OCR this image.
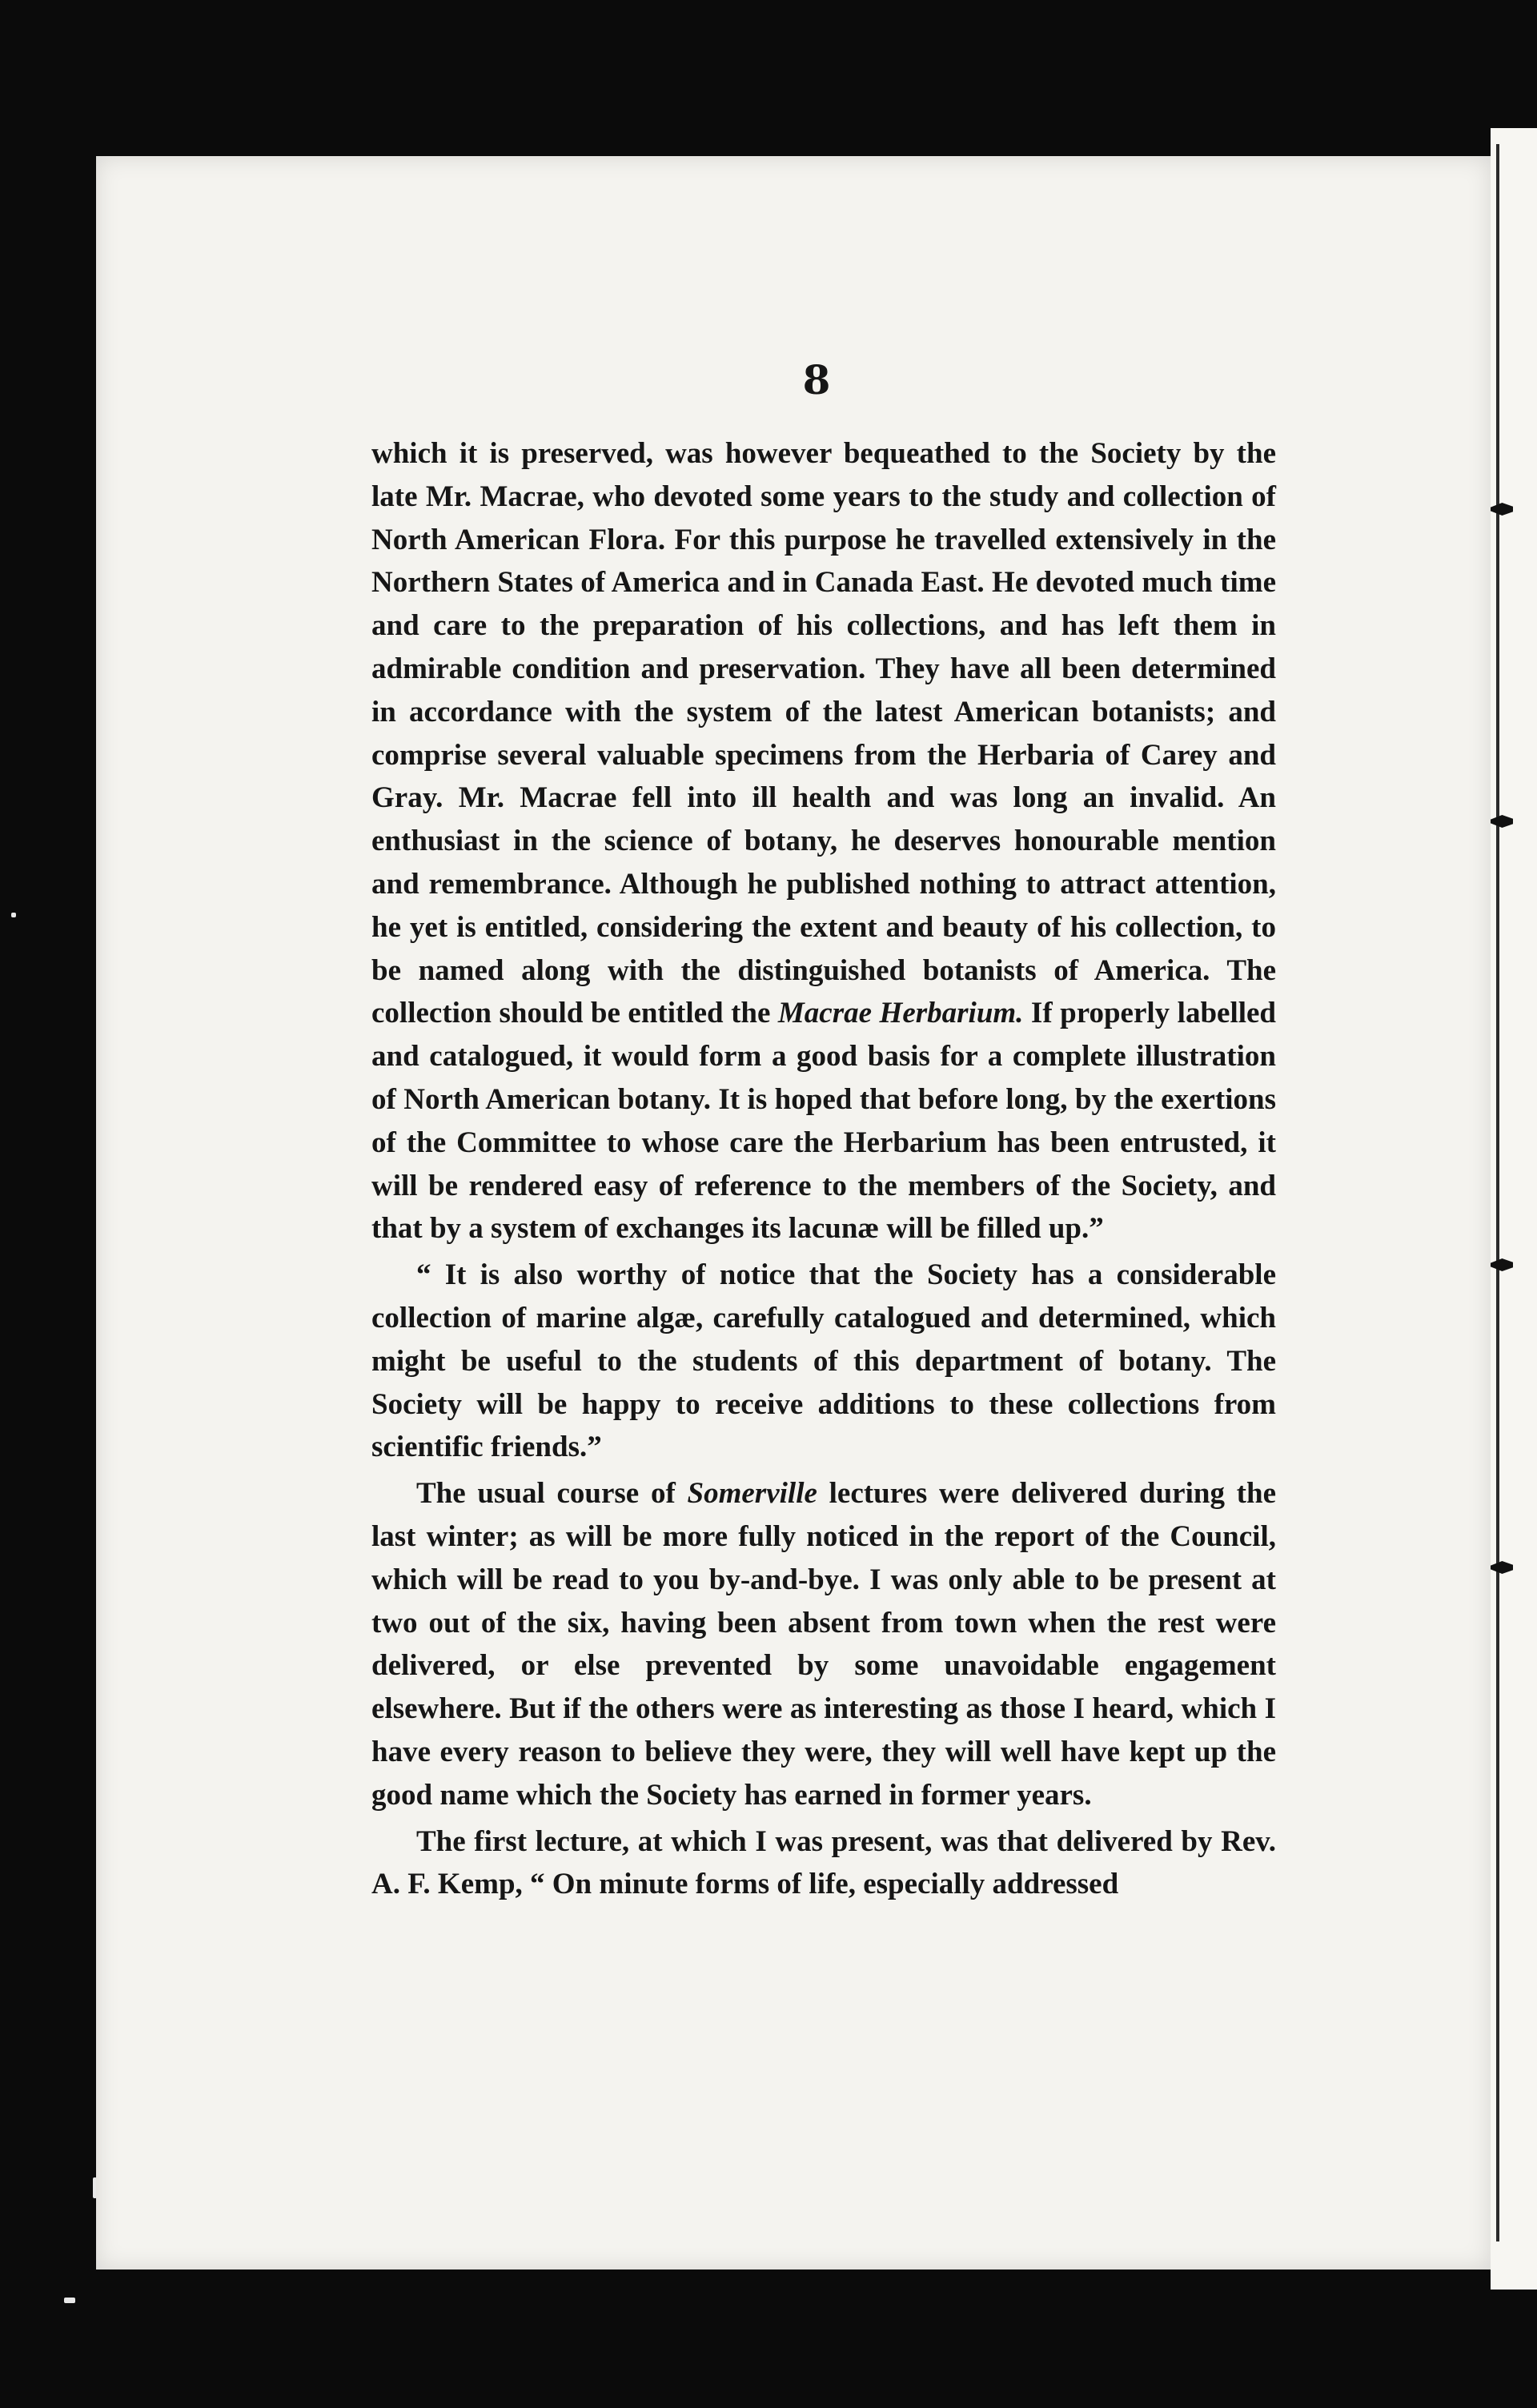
8

which it is preserved, was however bequeathed to the Society by the late Mr. Macrae, who devoted some years to the study and collection of North American Flora. For this purpose he travelled extensively in the Northern States of America and in Canada East. He devoted much time and care to the preparation of his collections, and has left them in admirable condition and preservation. They have all been determined in accordance with the system of the latest American botanists; and comprise several valuable specimens from the Herbaria of Carey and Gray. Mr. Macrae fell into ill health and was long an invalid. An enthusiast in the science of botany, he deserves honourable mention and remembrance. Although he published nothing to attract attention, he yet is entitled, considering the extent and beauty of his collection, to be named along with the distinguished botanists of America. The collection should be entitled the Macrae Herbarium. If properly labelled and catalogued, it would form a good basis for a complete illustration of North American botany. It is hoped that before long, by the exertions of the Committee to whose care the Herbarium has been entrusted, it will be rendered easy of reference to the members of the Society, and that by a system of exchanges its lacunæ will be filled up.”

“ It is also worthy of notice that the Society has a considerable collection of marine algæ, carefully catalogued and determined, which might be useful to the students of this department of botany. The Society will be happy to receive additions to these collections from scientific friends.”

The usual course of Somerville lectures were delivered during the last winter; as will be more fully noticed in the report of the Council, which will be read to you by-and-bye. I was only able to be present at two out of the six, having been absent from town when the rest were delivered, or else prevented by some unavoidable engagement elsewhere. But if the others were as interesting as those I heard, which I have every reason to believe they were, they will well have kept up the good name which the Society has earned in former years.

The first lecture, at which I was present, was that delivered by Rev. A. F. Kemp, “ On minute forms of life, especially addressed
